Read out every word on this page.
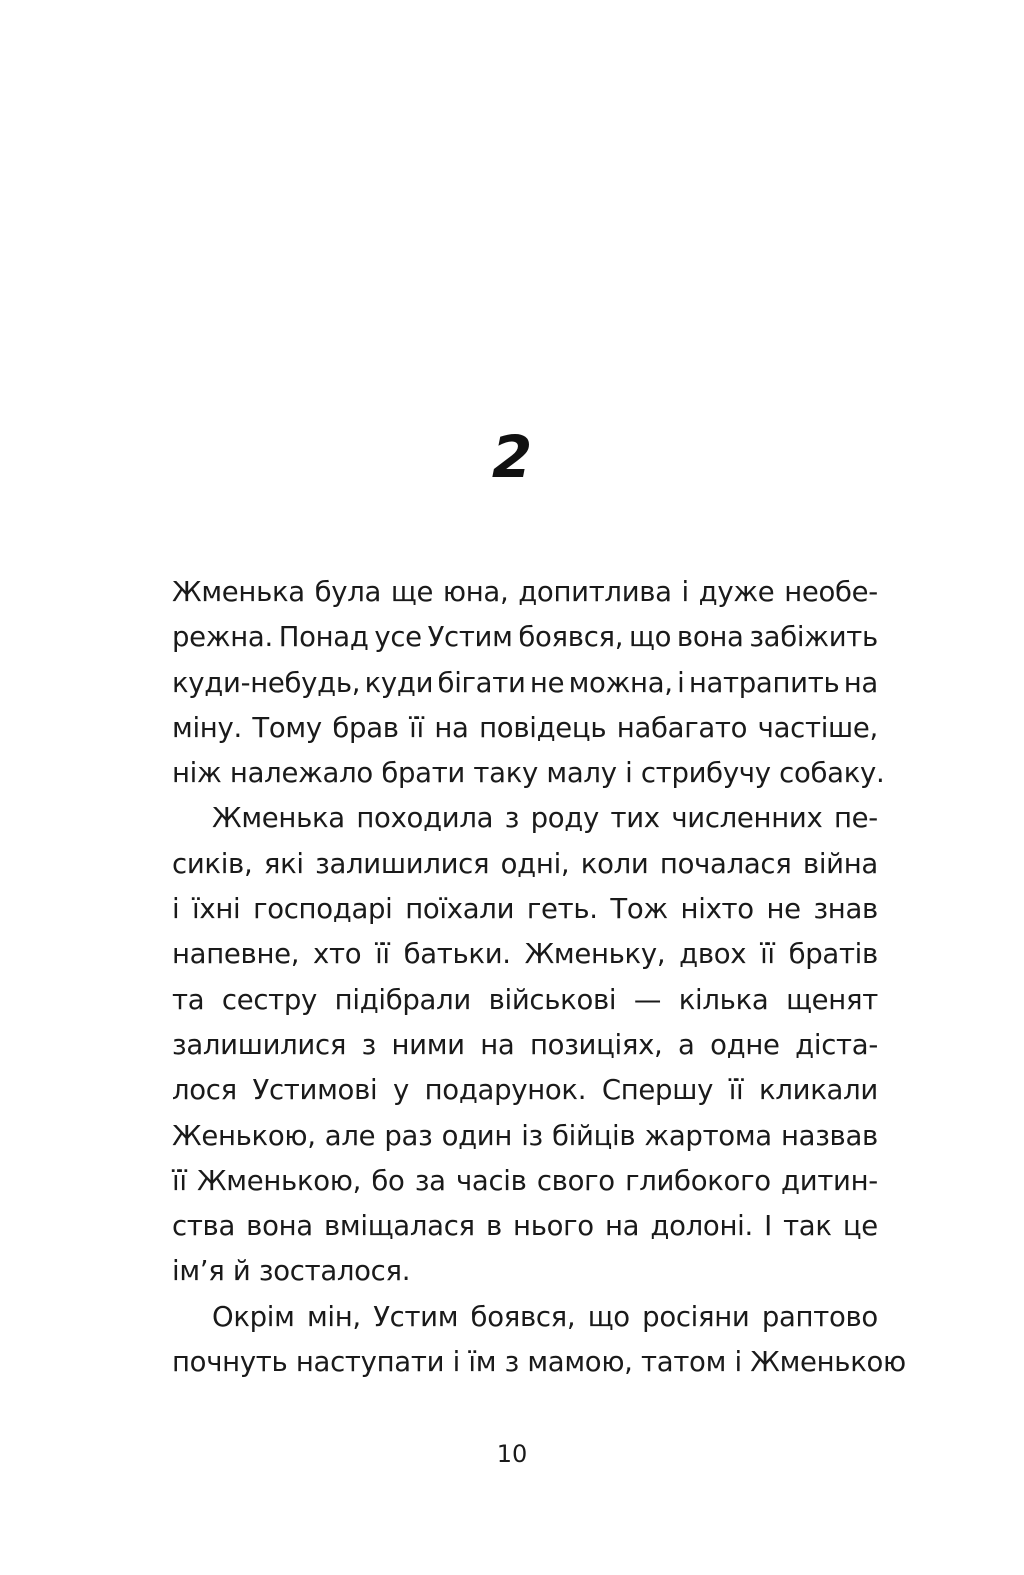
2
Жменька була ще юна, допитлива і дуже необе-
режна. Понад усе Устим боявся, що вона забіжить
куди-небудь, куди бігати не можна, і натрапить на
міну. Тому брав її на повідець набагато частіше,
ніж належало брати таку малу і стрибучу собаку.
Жменька походила з роду тих численних пе-
сиків, які залишилися одні, коли почалася війна
і їхні господарі поїхали геть. Тож ніхто не знав
напевне, хто її батьки. Жменьку, двох її братів
та сестру підібрали військові — кілька щенят
залишилися з ними на позиціях, а одне діста-
лося Устимові у подарунок. Спершу її кликали
Женькою, але раз один із бійців жартома назвав
її Жменькою, бо за часів свого глибокого дитин-
ства вона вміщалася в нього на долоні. І так це
ім’я й зосталося.
Окрім мін, Устим боявся, що росіяни раптово
почнуть наступати і їм з мамою, татом і Жменькою
10
